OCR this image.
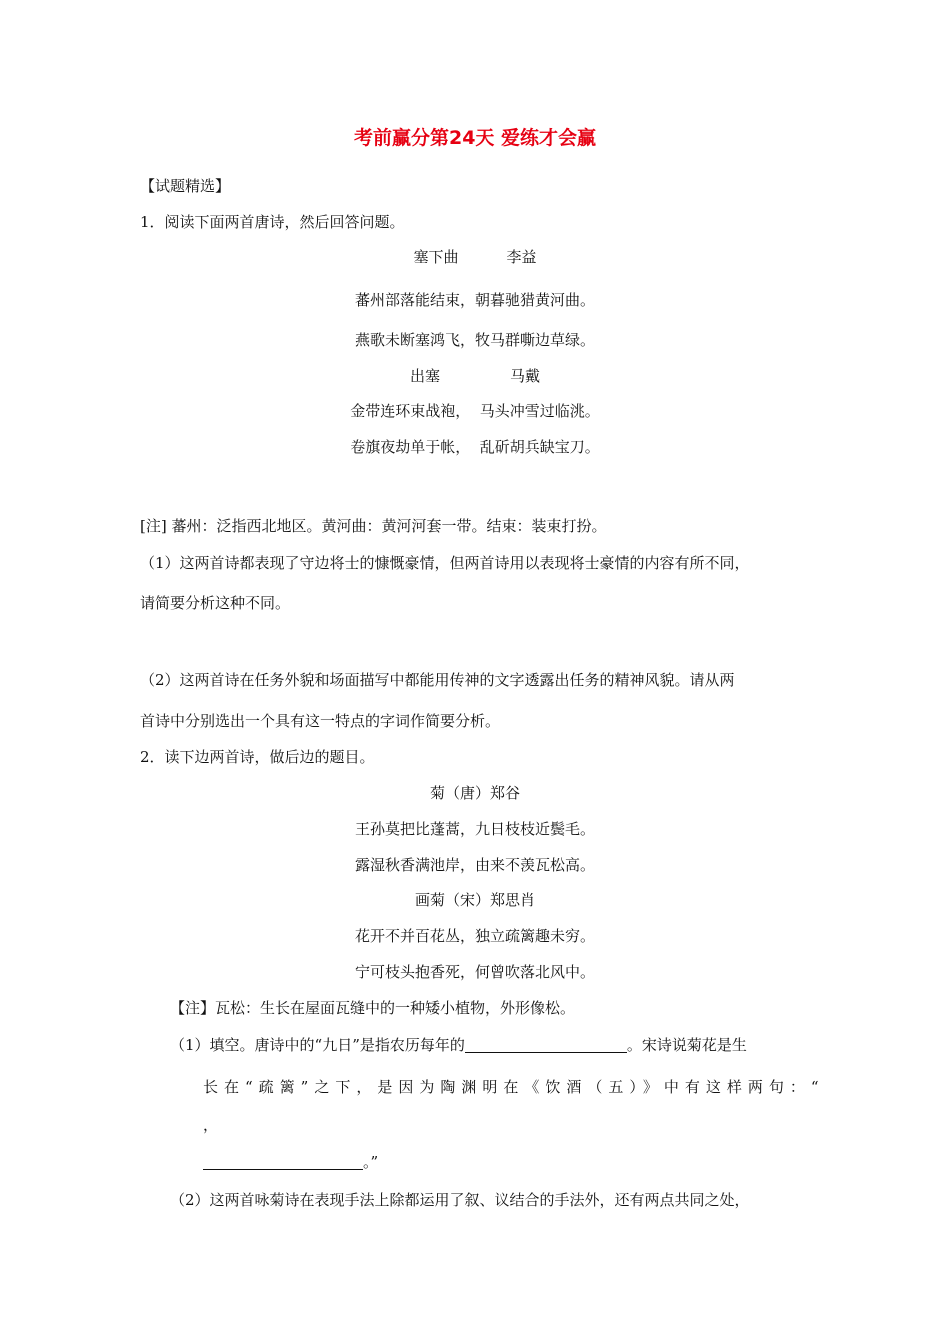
考前赢分第24天 爱练才会赢
【试题精选】
1．阅读下面两首唐诗，然后回答问题。
塞下曲	李益
蕃州部落能结束，朝暮驰猎黄河曲。
燕歌未断塞鸿飞，牧马群嘶边草绿。
出塞	马戴
金带连环束战袍， 马头冲雪过临洮。
卷旗夜劫单于帐， 乱斫胡兵缺宝刀。
[注] 蕃州：泛指西北地区。黄河曲：黄河河套一带。结束：装束打扮。
（1）这两首诗都表现了守边将士的慷慨豪情，但两首诗用以表现将士豪情的内容有所不同，
请简要分析这种不同。
（2）这两首诗在任务外貌和场面描写中都能用传神的文字透露出任务的精神风貌。请从两
首诗中分别选出一个具有这一特点的字词作简要分析。
2．读下边两首诗，做后边的题目。
菊（唐）郑谷
王孙莫把比蓬蒿，九日枝枝近鬓毛。
露湿秋香满池岸，由来不羡瓦松高。
画菊（宋）郑思肖
花开不并百花丛，独立疏篱趣未穷。
宁可枝头抱香死，何曾吹落北风中。
【注】瓦松：生长在屋面瓦缝中的一种矮小植物，外形像松。
（1）填空。唐诗中的“九日”是指农历每年的	。宋诗说菊花是生
长在“疏篱”之下，是因为陶渊明在《饮酒（五）》中有这样两句：“
，
。”
（2）这两首咏菊诗在表现手法上除都运用了叙、议结合的手法外，还有两点共同之处，
